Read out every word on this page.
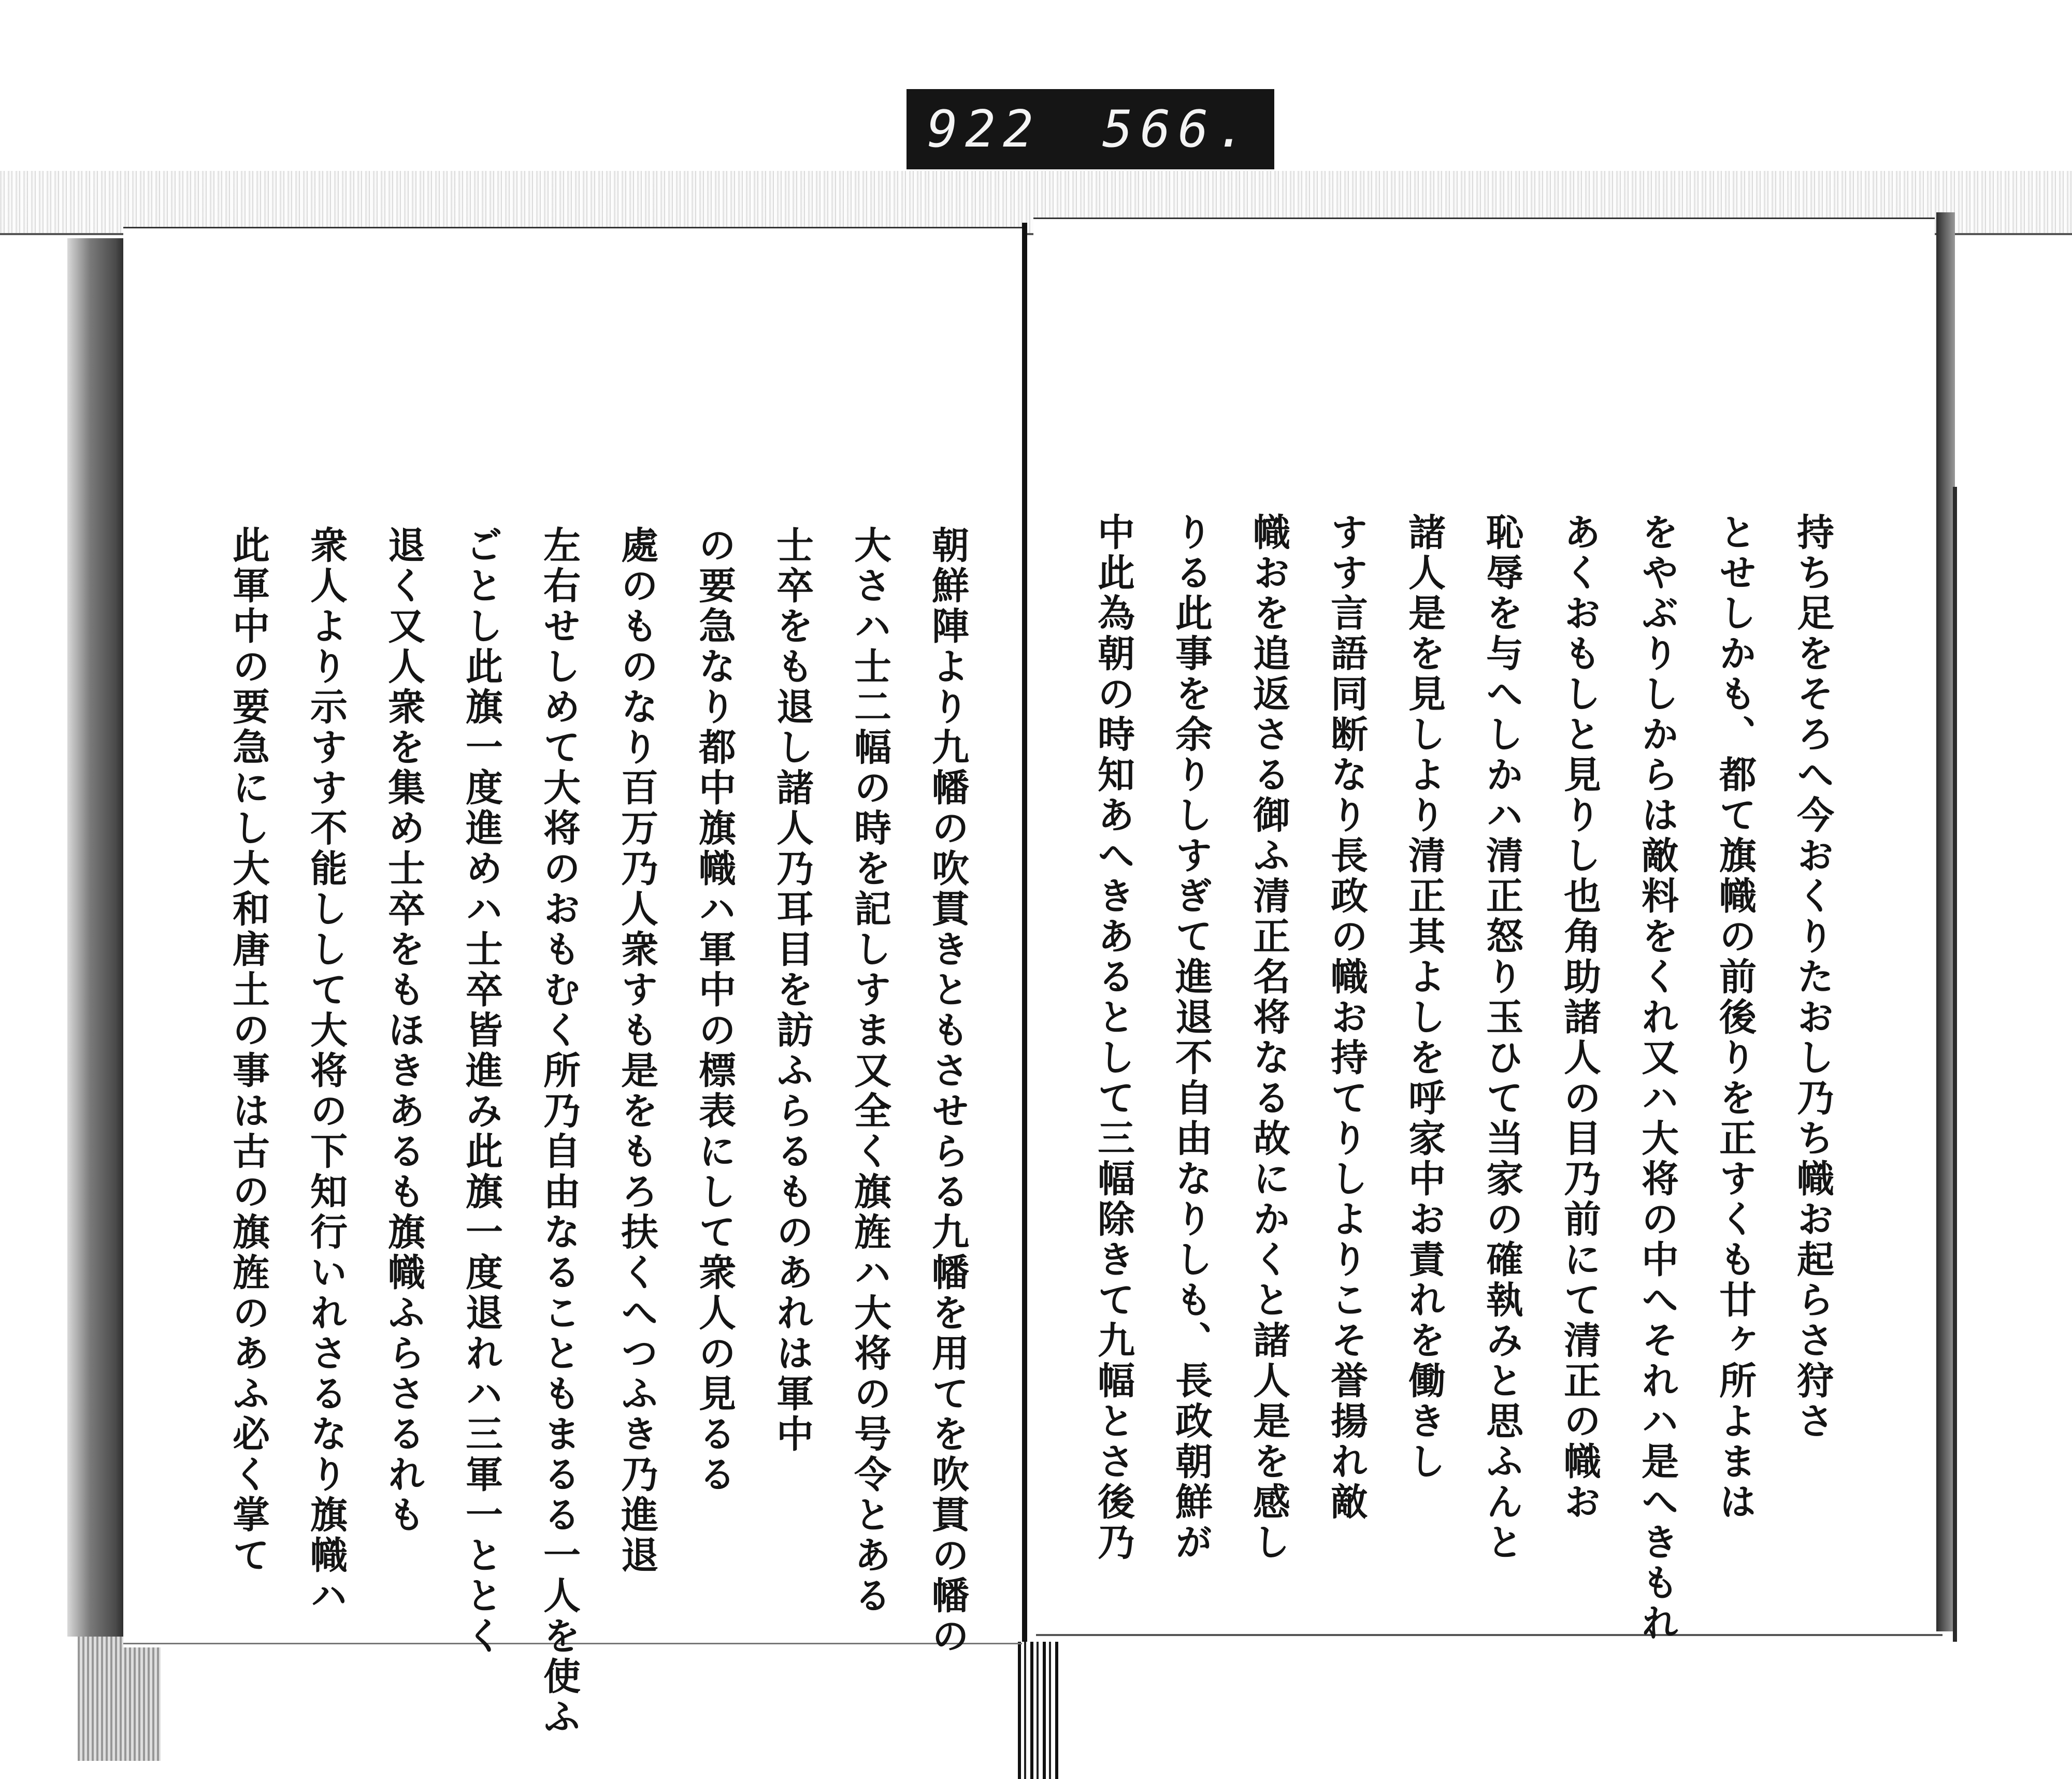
922 566.
持ち足をそろへ今おくりたおし乃ち幟お起らさ狩さ
とせしかも、都て旗幟の前後りを正すくも廿ヶ所よまは
をやぶりしからは敵料をくれ又ハ大将の中へそれハ是へきもれ
あくおもしと見りし也角助諸人の目乃前にて清正の幟お
恥辱を与へしかハ清正怒り玉ひて当家の確執みと思ふんと
諸人是を見しより清正其よしを呼家中お責れを働きし
すす言語同断なり長政の幟お持てりしよりこそ誉揚れ敵
幟おを追返さる御ふ清正名将なる故にかくと諸人是を感し
りる此事を余りしすぎて進退不自由なりしも、長政朝鮮が
中此為朝の時知あへきあるとして三幅除きて九幅とさ後乃
朝鮮陣より九幡の吹貫きともさせらる九幡を用てを吹貫の幡の
大さハ士二幅の時を記しすま又全く旗旌ハ大将の号令とある
士卒をも退し諸人乃耳目を訪ふらるものあれは軍中
の要急なり都中旗幟ハ軍中の標表にして衆人の見るる
處のものなり百万乃人衆すも是をもろ扶くへつふき乃進退
左右せしめて大将のおもむく所乃自由なることもまるる一人を使ふ
ごとし此旗一度進めハ士卒皆進み此旗一度退れハ三軍一ととく
退く又人衆を集め士卒をもほきあるも旗幟ふらさるれも
衆人より示すす不能しして大将の下知行いれさるなり旗幟ハ
此軍中の要急にし大和唐土の事は古の旗旌のあふ必く掌て
